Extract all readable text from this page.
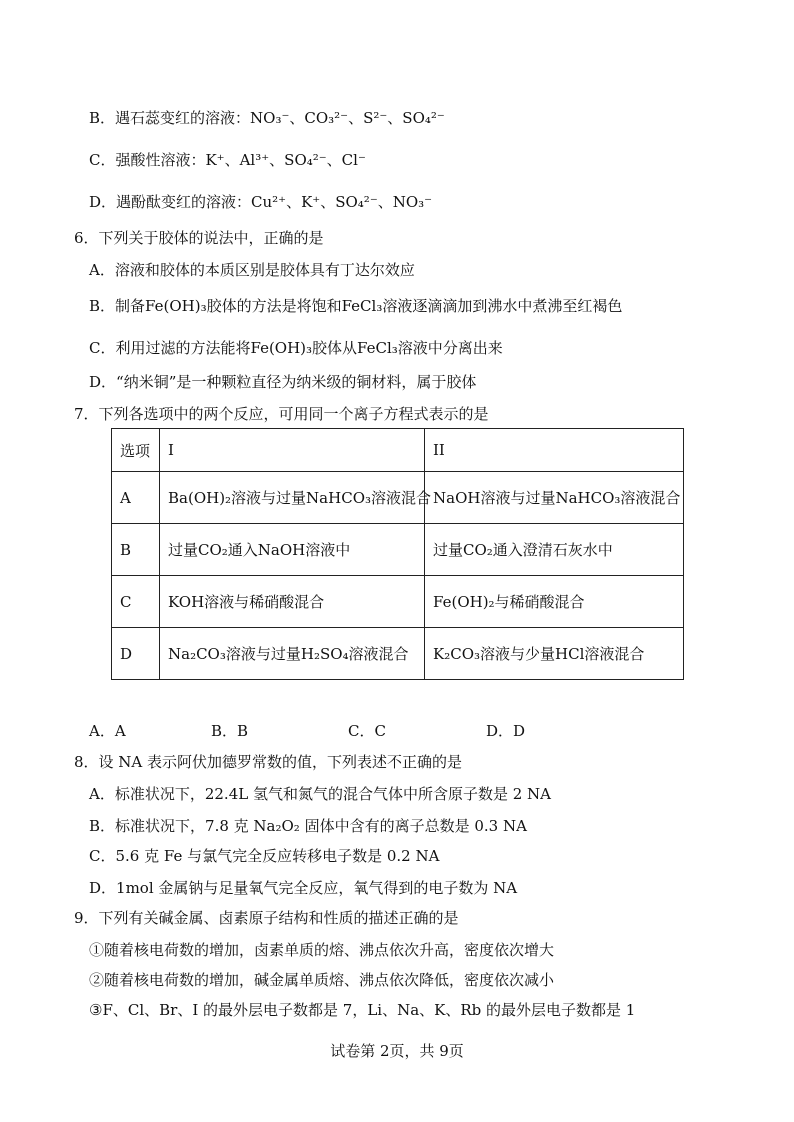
B．遇石蕊变红的溶液：NO₃⁻、CO₃²⁻、S²⁻、SO₄²⁻
C．强酸性溶液：K⁺、Al³⁺、SO₄²⁻、Cl⁻
D．遇酚酞变红的溶液：Cu²⁺、K⁺、SO₄²⁻、NO₃⁻
6．下列关于胶体的说法中，正确的是
A．溶液和胶体的本质区别是胶体具有丁达尔效应
B．制备Fe(OH)₃胶体的方法是将饱和FeCl₃溶液逐滴滴加到沸水中煮沸至红褐色
C．利用过滤的方法能将Fe(OH)₃胶体从FeCl₃溶液中分离出来
D．“纳米铜”是一种颗粒直径为纳米级的铜材料，属于胶体
7．下列各选项中的两个反应，可用同一个离子方程式表示的是
选项	I	II
A	Ba(OH)₂溶液与过量NaHCO₃溶液混合	NaOH溶液与过量NaHCO₃溶液混合
B	过量CO₂通入NaOH溶液中	过量CO₂通入澄清石灰水中
C	KOH溶液与稀硝酸混合	Fe(OH)₂与稀硝酸混合
D	Na₂CO₃溶液与过量H₂SO₄溶液混合	K₂CO₃溶液与少量HCl溶液混合
A．A	B．B	C．C	D．D
8．设 NA 表示阿伏加德罗常数的值，下列表述不正确的是
A．标准状况下，22.4L 氢气和氮气的混合气体中所含原子数是 2 NA
B．标准状况下，7.8 克 Na₂O₂ 固体中含有的离子总数是 0.3 NA
C．5.6 克 Fe 与氯气完全反应转移电子数是 0.2 NA
D．1mol 金属钠与足量氧气完全反应，氧气得到的电子数为 NA
9．下列有关碱金属、卤素原子结构和性质的描述正确的是
①随着核电荷数的增加，卤素单质的熔、沸点依次升高，密度依次增大
②随着核电荷数的增加，碱金属单质熔、沸点依次降低，密度依次减小
③F、Cl、Br、I 的最外层电子数都是 7，Li、Na、K、Rb 的最外层电子数都是 1
试卷第 2页，共 9页
